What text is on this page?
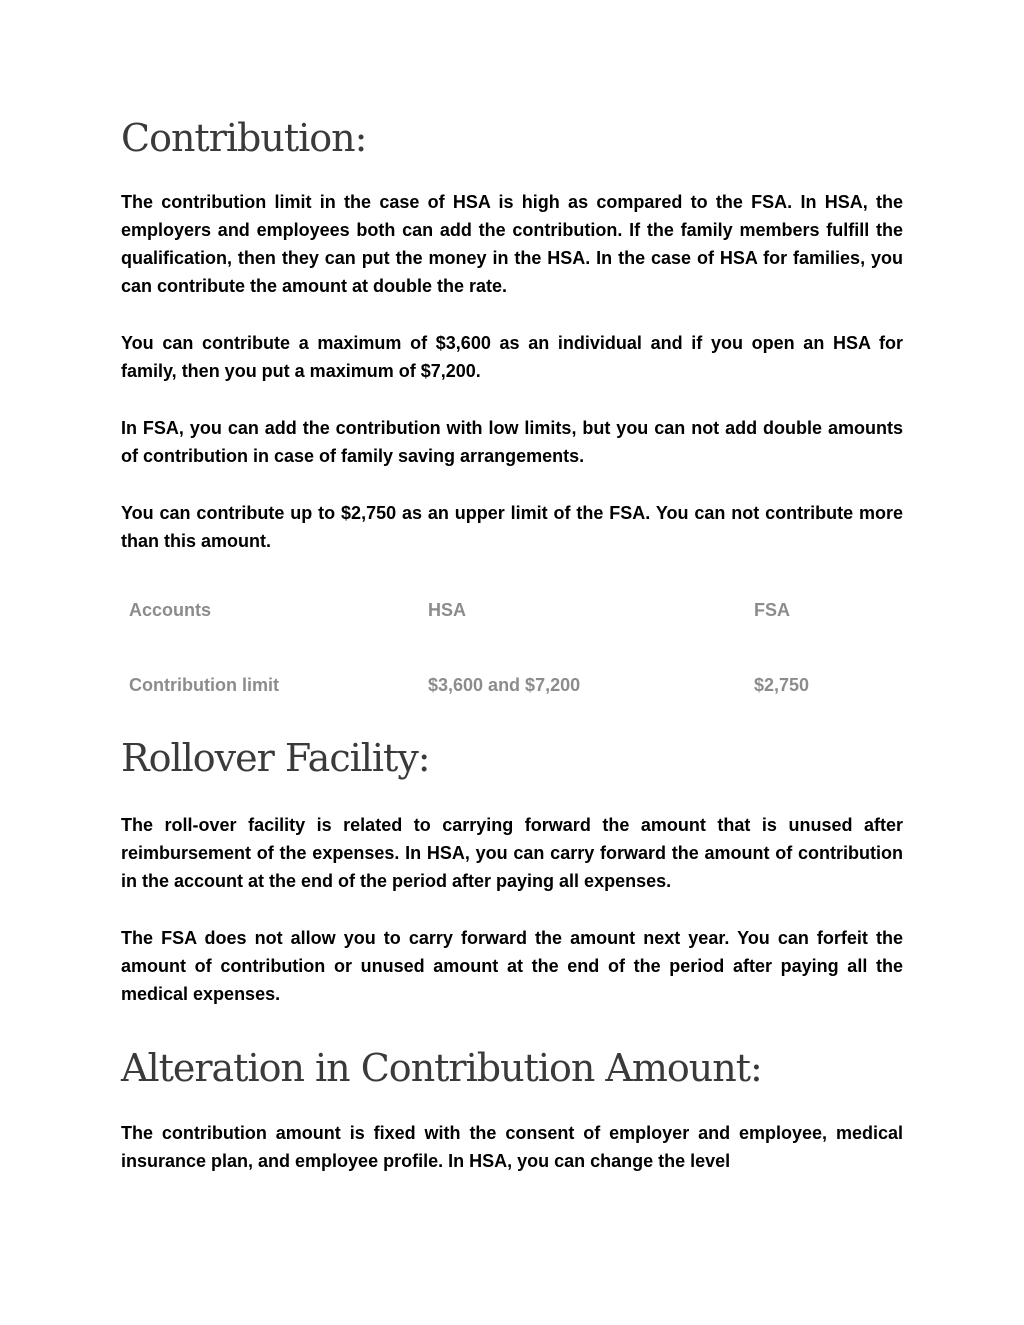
Contribution:

The contribution limit in the case of HSA is high as compared to the FSA. In HSA, the employers and employees both can add the contribution. If the family members fulfill the qualification, then they can put the money in the HSA. In the case of HSA for families, you can contribute the amount at double the rate.

You can contribute a maximum of $3,600 as an individual and if you open an HSA for family, then you put a maximum of $7,200.

In FSA, you can add the contribution with low limits, but you can not add double amounts of contribution in case of family saving arrangements.

You can contribute up to $2,750 as an upper limit of the FSA. You can not contribute more than this amount.

Accounts	HSA	FSA
Contribution limit	$3,600 and $7,200	$2,750
Rollover Facility:

The roll-over facility is related to carrying forward the amount that is unused after reimbursement of the expenses. In HSA, you can carry forward the amount of contribution in the account at the end of the period after paying all expenses.

The FSA does not allow you to carry forward the amount next year. You can forfeit the amount of contribution or unused amount at the end of the period after paying all the medical expenses.

Alteration in Contribution Amount:

The contribution amount is fixed with the consent of employer and employee, medical insurance plan, and employee profile. In HSA, you can change the level
